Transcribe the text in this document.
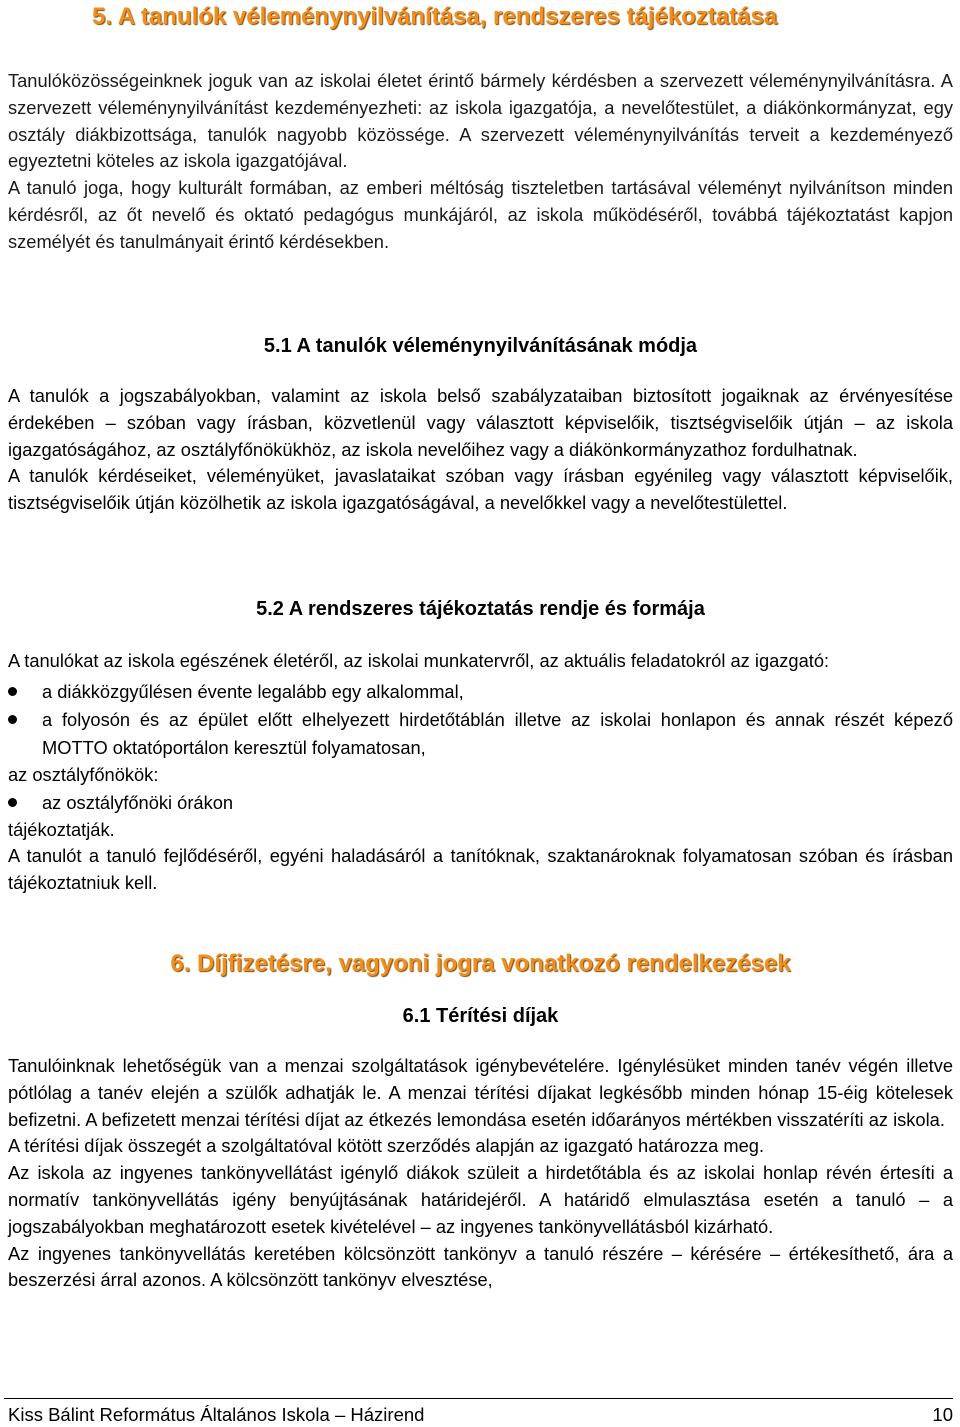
5. A tanulók véleménynyilvánítása, rendszeres tájékoztatása

Tanulóközösségeinknek joguk van az iskolai életet érintő bármely kérdésben a szervezett véleménynyilvánításra. A szervezett véleménynyilvánítást kezdeményezheti: az iskola igazgatója, a nevelőtestület, a diákönkormányzat, egy osztály diákbizottsága, tanulók nagyobb közössége. A szervezett véleménynyilvánítás terveit a kezdeményező egyeztetni köteles az iskola igazgatójával.

A tanuló joga, hogy kulturált formában, az emberi méltóság tiszteletben tartásával véleményt nyilvánítson minden kérdésről, az őt nevelő és oktató pedagógus munkájáról, az iskola működéséről, továbbá tájékoztatást kapjon személyét és tanulmányait érintő kérdésekben.

5.1 A tanulók véleménynyilvánításának módja

A tanulók a jogszabályokban, valamint az iskola belső szabályzataiban biztosított jogaiknak az érvényesítése érdekében – szóban vagy írásban, közvetlenül vagy választott képviselőik, tisztségviselőik útján – az iskola igazgatóságához, az osztályfőnökükhöz, az iskola nevelőihez vagy a diákönkormányzathoz fordulhatnak.

A tanulók kérdéseiket, véleményüket, javaslataikat szóban vagy írásban egyénileg vagy választott képviselőik, tisztségviselőik útján közölhetik az iskola igazgatóságával, a nevelőkkel vagy a nevelőtestülettel.

5.2 A rendszeres tájékoztatás rendje és formája

A tanulókat az iskola egészének életéről, az iskolai munkatervről, az aktuális feladatokról az igazgató:

a diákközgyűlésen évente legalább egy alkalommal,
a folyosón és az épület előtt elhelyezett hirdetőtáblán illetve az iskolai honlapon és annak részét képező MOTTO oktatóportálon keresztül folyamatosan,

az osztályfőnökök:

az osztályfőnöki órákon

tájékoztatják.

A tanulót a tanuló fejlődéséről, egyéni haladásáról a tanítóknak, szaktanároknak folyamatosan szóban és írásban tájékoztatniuk kell.

6. Díjfizetésre, vagyoni jogra vonatkozó rendelkezések
6.1 Térítési díjak

Tanulóinknak lehetőségük van a menzai szolgáltatások igénybevételére. Igénylésüket minden tanév végén illetve pótlólag a tanév elején a szülők adhatják le. A menzai térítési díjakat legkésőbb minden hónap 15-éig kötelesek befizetni. A befizetett menzai térítési díjat az étkezés lemondása esetén időarányos mértékben visszatéríti az iskola.

A térítési díjak összegét a szolgáltatóval kötött szerződés alapján az igazgató határozza meg.

Az iskola az ingyenes tankönyvellátást igénylő diákok szüleit a hirdetőtábla és az iskolai honlap révén értesíti a normatív tankönyvellátás igény benyújtásának határidejéről. A határidő elmulasztása esetén a tanuló – a jogszabályokban meghatározott esetek kivételével – az ingyenes tankönyvellátásból kizárható.

Az ingyenes tankönyvellátás keretében kölcsönzött tankönyv a tanuló részére – kérésére – értékesíthető, ára a beszerzési árral azonos. A kölcsönzött tankönyv elvesztése,

Kiss Bálint Református Általános Iskola – Házirend	10
